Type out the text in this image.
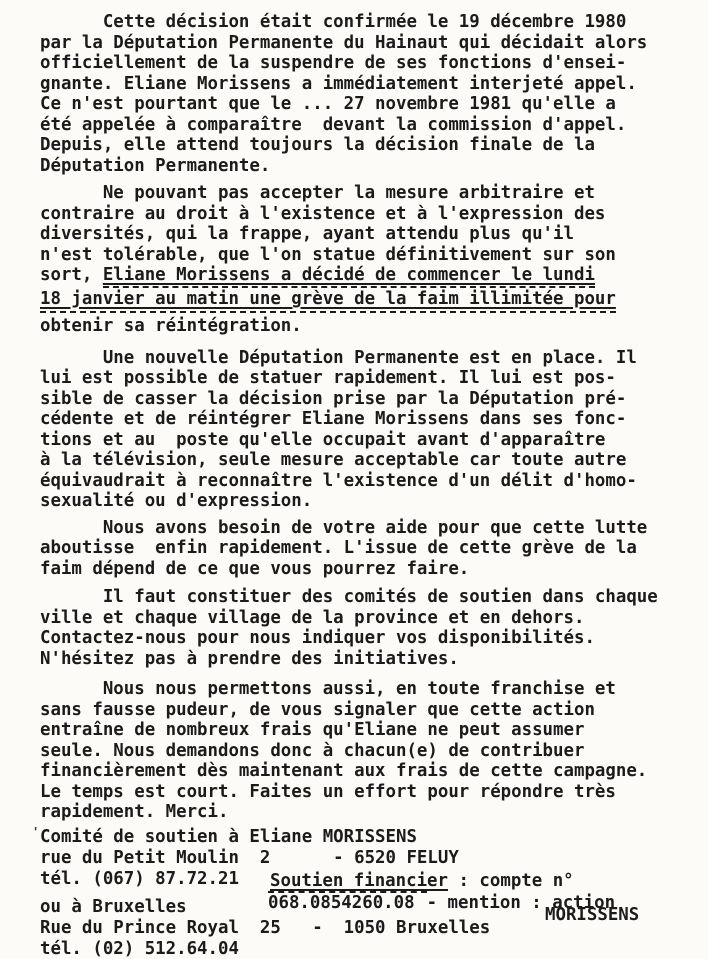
Cette décision était confirmée le 19 décembre 1980
par la Députation Permanente du Hainaut qui décidait alors
officiellement de la suspendre de ses fonctions d'ensei-
gnante. Eliane Morissens a immédiatement interjeté appel.
Ce n'est pourtant que le ... 27 novembre 1981 qu'elle a
été appelée à comparaître  devant la commission d'appel.
Depuis, elle attend toujours la décision finale de la
Députation Permanente.
Ne pouvant pas accepter la mesure arbitraire et
contraire au droit à l'existence et à l'expression des
diversités, qui la frappe, ayant attendu plus qu'il
n'est tolérable, que l'on statue définitivement sur son
sort, Eliane Morissens a décidé de commencer le lundi
18 janvier au matin une grève de la faim illimitée pour
obtenir sa réintégration.
Une nouvelle Députation Permanente est en place. Il
lui est possible de statuer rapidement. Il lui est pos-
sible de casser la décision prise par la Députation pré-
cédente et de réintégrer Eliane Morissens dans ses fonc-
tions et au  poste qu'elle occupait avant d'apparaître
à la télévision, seule mesure acceptable car toute autre
équivaudrait à reconnaître l'existence d'un délit d'homo-
sexualité ou d'expression.
Nous avons besoin de votre aide pour que cette lutte
aboutisse  enfin rapidement. L'issue de cette grève de la
faim dépend de ce que vous pourrez faire.
Il faut constituer des comités de soutien dans chaque
ville et chaque village de la province et en dehors.
Contactez-nous pour nous indiquer vos disponibilités.
N'hésitez pas à prendre des initiatives.
Nous nous permettons aussi, en toute franchise et
sans fausse pudeur, de vous signaler que cette action
entraîne de nombreux frais qu'Eliane ne peut assumer
seule. Nous demandons donc à chacun(e) de contribuer
financièrement dès maintenant aux frais de cette campagne.
Le temps est court. Faites un effort pour répondre très
rapidement. Merci.
' Comité de soutien à Eliane MORISSENS
rue du Petit Moulin  2      - 6520 FELUY
tél. (067) 87.72.21
ou à Bruxelles
Rue du Prince Royal  25   -  1050 Bruxelles
tél. (02) 512.64.04
Soutien financier : compte n°
068.0854260.08 - mention : action
MORISSENS
